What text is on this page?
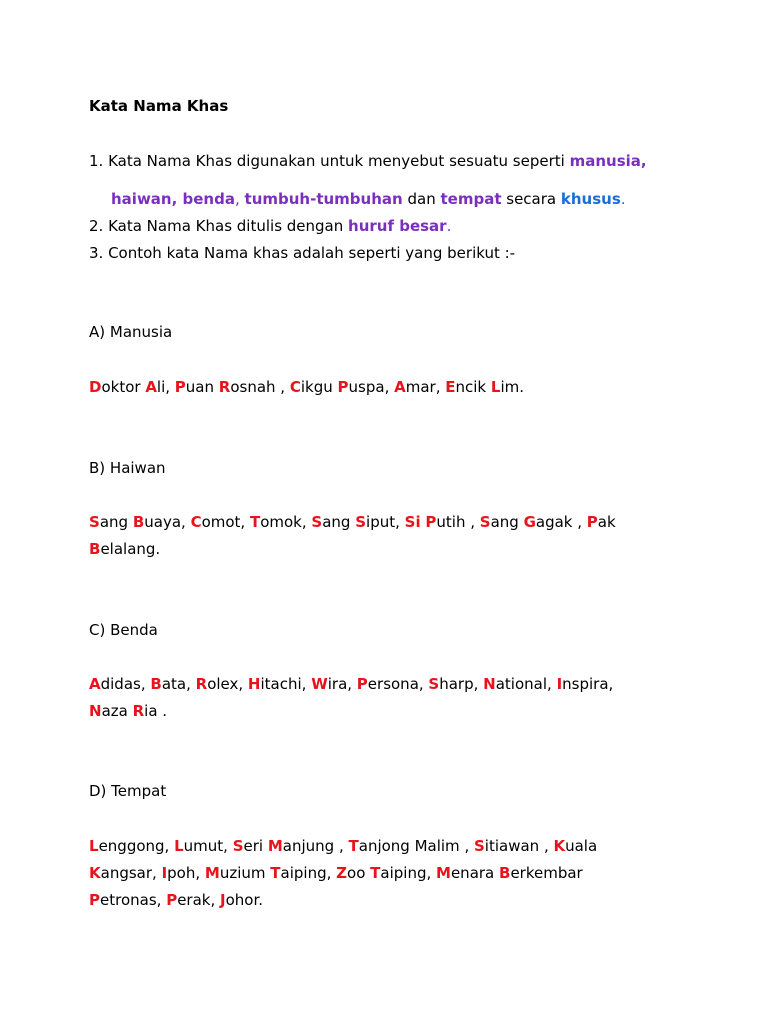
Kata Nama Khas
1. Kata Nama Khas digunakan untuk menyebut sesuatu seperti manusia,
haiwan, benda, tumbuh-tumbuhan dan tempat secara khusus.
2. Kata Nama Khas ditulis dengan huruf besar.
3. Contoh kata Nama khas adalah seperti yang berikut :-
A) Manusia
Doktor Ali, Puan Rosnah , Cikgu Puspa, Amar, Encik Lim.
B) Haiwan
Sang Buaya, Comot, Tomok, Sang Siput, Si Putih , Sang Gagak , Pak
Belalang.
C) Benda
Adidas, Bata, Rolex, Hitachi, Wira, Persona, Sharp, National, Inspira,
Naza Ria .
D) Tempat
Lenggong, Lumut, Seri Manjung , Tanjong Malim , Sitiawan , Kuala
Kangsar, Ipoh, Muzium Taiping, Zoo Taiping, Menara Berkembar
Petronas, Perak, Johor.
